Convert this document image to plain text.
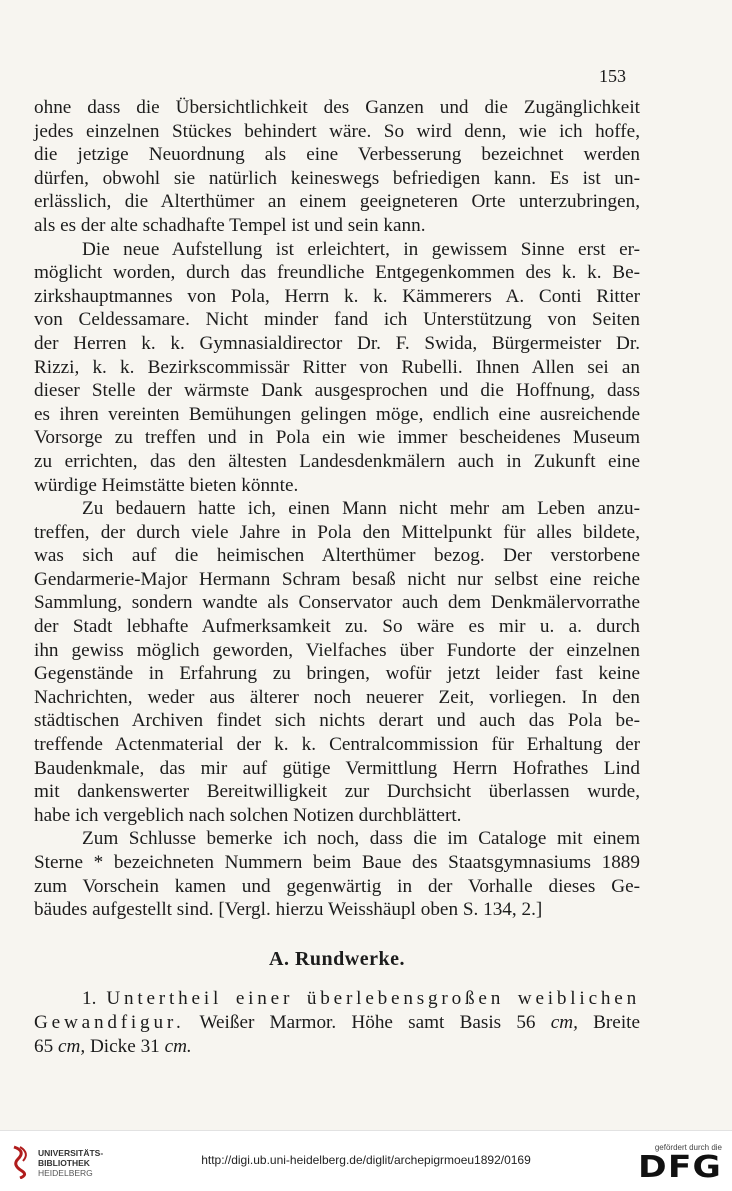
153
ohne dass die Übersichtlichkeit des Ganzen und die Zugänglichkeit
jedes einzelnen Stückes behindert wäre. So wird denn, wie ich hoffe,
die jetzige Neuordnung als eine Verbesserung bezeichnet werden
dürfen, obwohl sie natürlich keineswegs befriedigen kann. Es ist un-
erlässlich, die Alterthümer an einem geeigneteren Orte unterzubringen,
als es der alte schadhafte Tempel ist und sein kann.
Die neue Aufstellung ist erleichtert, in gewissem Sinne erst er-
möglicht worden, durch das freundliche Entgegenkommen des k. k. Be-
zirkshauptmannes von Pola, Herrn k. k. Kämmerers A. Conti Ritter
von Celdessamare. Nicht minder fand ich Unterstützung von Seiten
der Herren k. k. Gymnasialdirector Dr. F. Swida, Bürgermeister Dr.
Rizzi, k. k. Bezirkscommissär Ritter von Rubelli. Ihnen Allen sei an
dieser Stelle der wärmste Dank ausgesprochen und die Hoffnung, dass
es ihren vereinten Bemühungen gelingen möge, endlich eine ausreichende
Vorsorge zu treffen und in Pola ein wie immer bescheidenes Museum
zu errichten, das den ältesten Landesdenkmälern auch in Zukunft eine
würdige Heimstätte bieten könnte.
Zu bedauern hatte ich, einen Mann nicht mehr am Leben anzu-
treffen, der durch viele Jahre in Pola den Mittelpunkt für alles bildete,
was sich auf die heimischen Alterthümer bezog. Der verstorbene
Gendarmerie-Major Hermann Schram besaß nicht nur selbst eine reiche
Sammlung, sondern wandte als Conservator auch dem Denkmälervorrathe
der Stadt lebhafte Aufmerksamkeit zu. So wäre es mir u. a. durch
ihn gewiss möglich geworden, Vielfaches über Fundorte der einzelnen
Gegenstände in Erfahrung zu bringen, wofür jetzt leider fast keine
Nachrichten, weder aus älterer noch neuerer Zeit, vorliegen. In den
städtischen Archiven findet sich nichts derart und auch das Pola be-
treffende Actenmaterial der k. k. Centralcommission für Erhaltung der
Baudenkmale, das mir auf gütige Vermittlung Herrn Hofrathes Lind
mit dankenswerter Bereitwilligkeit zur Durchsicht überlassen wurde,
habe ich vergeblich nach solchen Notizen durchblättert.
Zum Schlusse bemerke ich noch, dass die im Cataloge mit einem
Sterne * bezeichneten Nummern beim Baue des Staatsgymnasiums 1889
zum Vorschein kamen und gegenwärtig in der Vorhalle dieses Ge-
bäudes aufgestellt sind. [Vergl. hierzu Weisshäupl oben S. 134, 2.]
A. Rundwerke.
1. Untertheil einer überlebensgroßen weiblichen
Gewandfigur. Weißer Marmor. Höhe samt Basis 56 cm, Breite
65 cm, Dicke 31 cm.
UNIVERSITÄTS-
BIBLIOTHEK
HEIDELBERG
http://digi.ub.uni-heidelberg.de/diglit/archepigrmoeu1892/0169
gefördert durch die
DFG
